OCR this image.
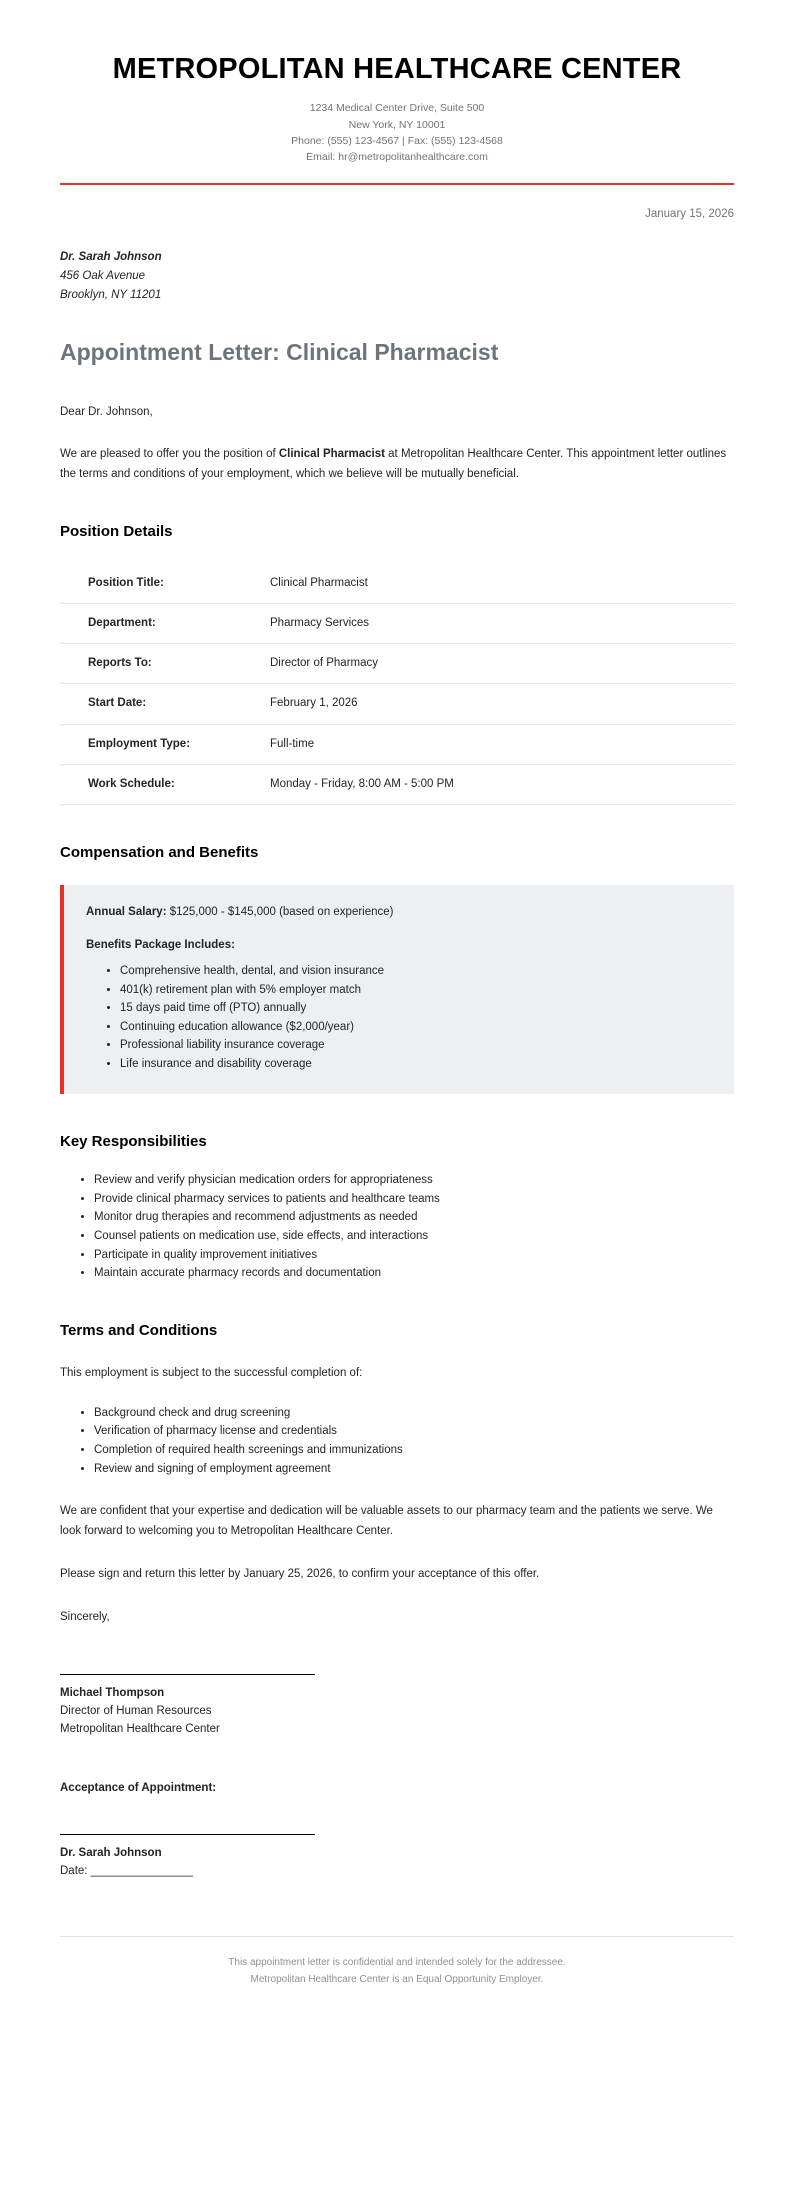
METROPOLITAN HEALTHCARE CENTER
1234 Medical Center Drive, Suite 500
New York, NY 10001
Phone: (555) 123-4567 | Fax: (555) 123-4568
Email: hr@metropolitanhealthcare.com
January 15, 2026
Dr. Sarah Johnson
456 Oak Avenue
Brooklyn, NY 11201
Appointment Letter: Clinical Pharmacist

Dear Dr. Johnson,

We are pleased to offer you the position of Clinical Pharmacist at Metropolitan Healthcare Center. This appointment letter outlines the terms and conditions of your employment, which we believe will be mutually beneficial.

Position Details
Position Title:	Clinical Pharmacist
Department:	Pharmacy Services
Reports To:	Director of Pharmacy
Start Date:	February 1, 2026
Employment Type:	Full-time
Work Schedule:	Monday - Friday, 8:00 AM - 5:00 PM
Compensation and Benefits

Annual Salary: $125,000 - $145,000 (based on experience)

Benefits Package Includes:

• Comprehensive health, dental, and vision insurance
• 401(k) retirement plan with 5% employer match
• 15 days paid time off (PTO) annually
• Continuing education allowance ($2,000/year)
• Professional liability insurance coverage
• Life insurance and disability coverage
Key Responsibilities
• Review and verify physician medication orders for appropriateness
• Provide clinical pharmacy services to patients and healthcare teams
• Monitor drug therapies and recommend adjustments as needed
• Counsel patients on medication use, side effects, and interactions
• Participate in quality improvement initiatives
• Maintain accurate pharmacy records and documentation
Terms and Conditions

This employment is subject to the successful completion of:

• Background check and drug screening
• Verification of pharmacy license and credentials
• Completion of required health screenings and immunizations
• Review and signing of employment agreement

We are confident that your expertise and dedication will be valuable assets to our pharmacy team and the patients we serve. We look forward to welcoming you to Metropolitan Healthcare Center.

Please sign and return this letter by January 25, 2026, to confirm your acceptance of this offer.

Sincerely,

Michael Thompson
Director of Human Resources
Metropolitan Healthcare Center
Acceptance of Appointment:
Dr. Sarah Johnson
Date: ________________
This appointment letter is confidential and intended solely for the addressee.
Metropolitan Healthcare Center is an Equal Opportunity Employer.
